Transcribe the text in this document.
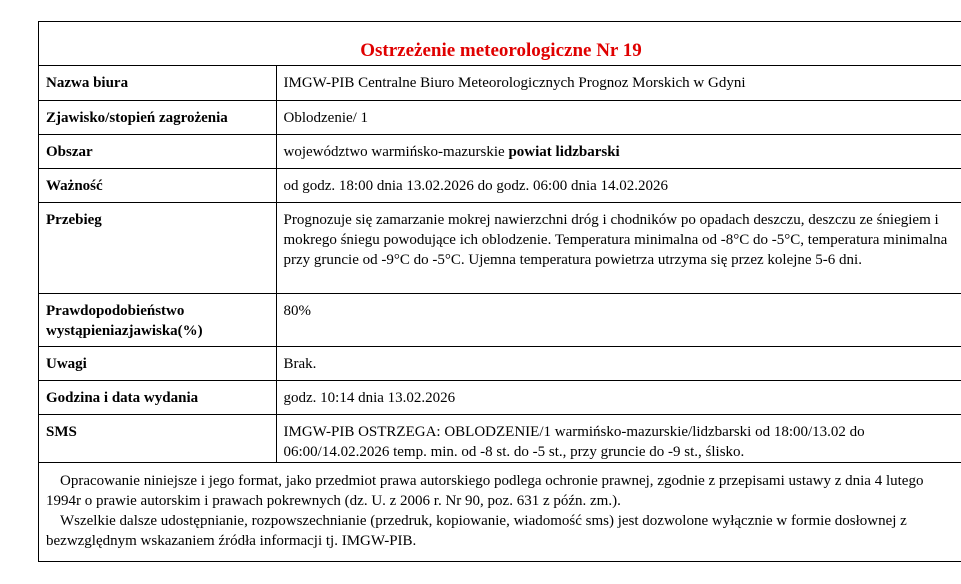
Ostrzeżenie meteorologiczne Nr 19
Nazwa biura	IMGW-PIB Centralne Biuro Meteorologicznych Prognoz Morskich w Gdyni
Zjawisko/stopień zagrożenia	Oblodzenie/ 1
Obszar	województwo warmińsko-mazurskie powiat lidzbarski
Ważność	od godz. 18:00 dnia 13.02.2026 do godz. 06:00 dnia 14.02.2026
Przebieg	Prognozuje się zamarzanie mokrej nawierzchni dróg i chodników po opadach deszczu, deszczu ze śniegiem i mokrego śniegu powodujące ich oblodzenie. Temperatura minimalna od -8°C do -5°C, temperatura minimalna przy gruncie od -9°C do -5°C. Ujemna temperatura powietrza utrzyma się przez kolejne 5-6 dni.
Prawdopodobieństwo wystąpieniazjawiska(%)	80%
Uwagi	Brak.
Godzina i data wydania	godz. 10:14 dnia 13.02.2026
SMS	IMGW-PIB OSTRZEGA: OBLODZENIE/1 warmińsko-mazurskie/lidzbarski od 18:00/13.02 do 06:00/14.02.2026 temp. min. od -8 st. do -5 st., przy gruncie do -9 st., ślisko.

Opracowanie niniejsze i jego format, jako przedmiot prawa autorskiego podlega ochronie prawnej, zgodnie z przepisami ustawy z dnia 4 lutego 1994r o prawie autorskim i prawach pokrewnych (dz. U. z 2006 r. Nr 90, poz. 631 z późn. zm.).

Wszelkie dalsze udostępnianie, rozpowszechnianie (przedruk, kopiowanie, wiadomość sms) jest dozwolone wyłącznie w formie dosłownej z bezwzględnym wskazaniem źródła informacji tj. IMGW-PIB.
